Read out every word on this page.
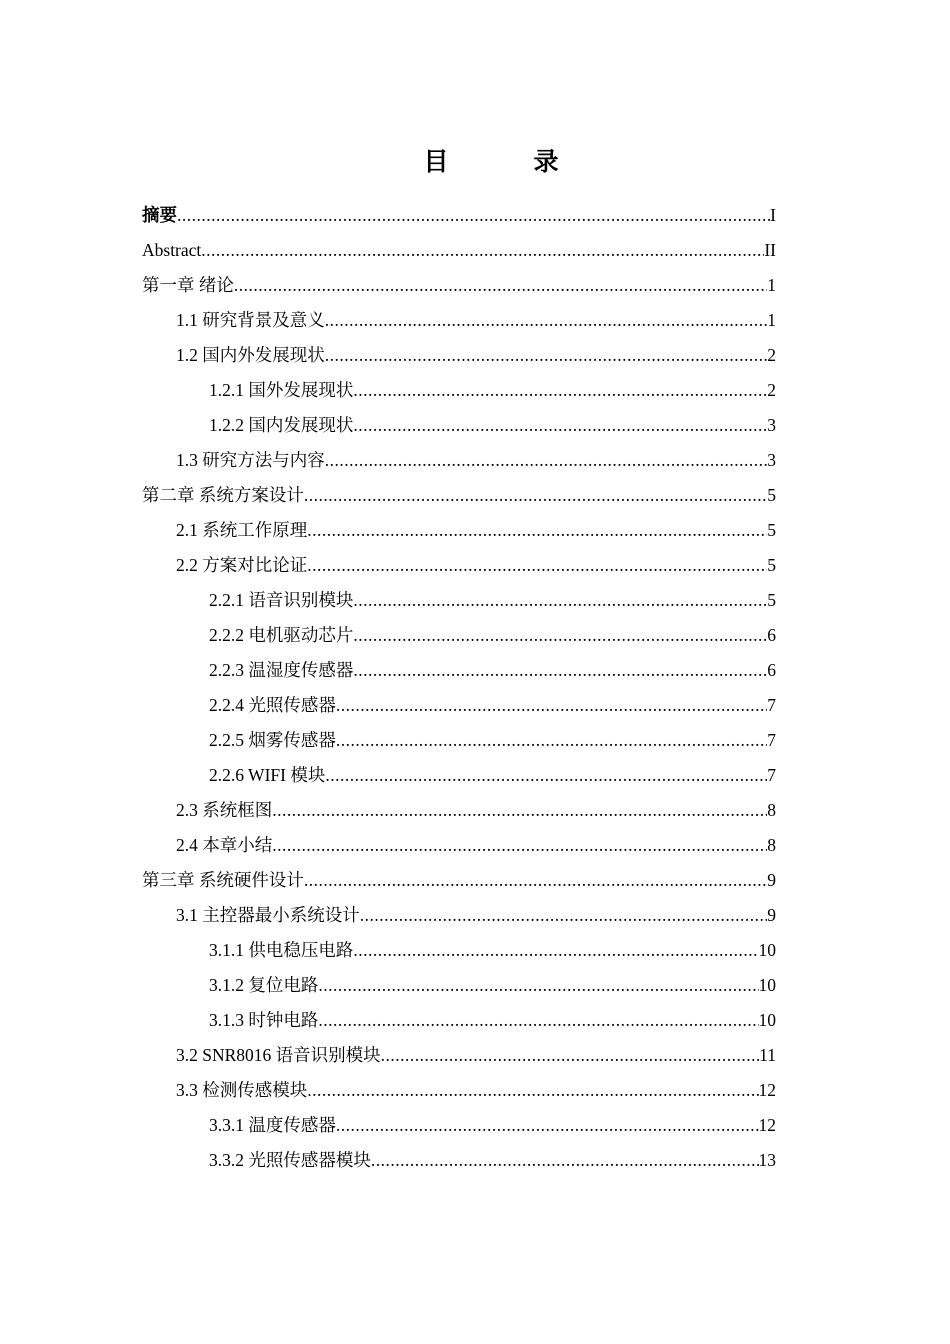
目　录
摘要 .....	I
Abstract .....	II
第一章 绪论 .....	1
1.1 研究背景及意义 .....	1
1.2 国内外发展现状 .....	2
1.2.1 国外发展现状 .....	2
1.2.2 国内发展现状 .....	3
1.3 研究方法与内容 .....	3
第二章 系统方案设计 .....	5
2.1 系统工作原理 .....	5
2.2 方案对比论证 .....	5
2.2.1 语音识别模块 .....	5
2.2.2 电机驱动芯片 .....	6
2.2.3 温湿度传感器 .....	6
2.2.4 光照传感器 .....	7
2.2.5 烟雾传感器 .....	7
2.2.6 WIFI 模块 .....	7
2.3 系统框图 .....	8
2.4 本章小结 .....	8
第三章 系统硬件设计 .....	9
3.1 主控器最小系统设计 .....	9
3.1.1 供电稳压电路 .....	10
3.1.2 复位电路 .....	10
3.1.3 时钟电路 .....	10
3.2 SNR8016 语音识别模块 .....	11
3.3 检测传感模块 .....	12
3.3.1 温度传感器 .....	12
3.3.2 光照传感器模块 .....	13
